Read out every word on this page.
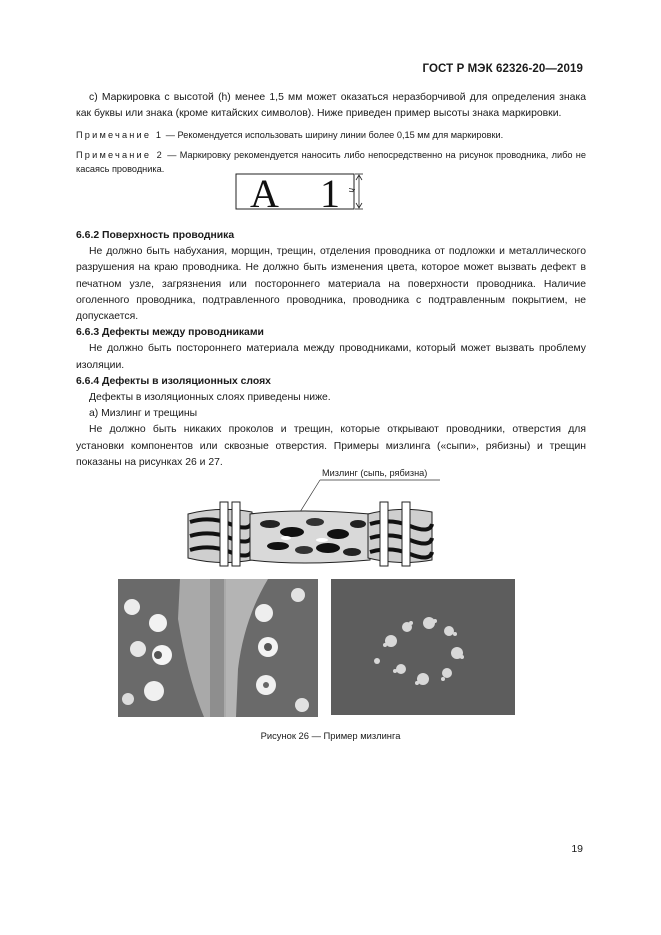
ГОСТ Р МЭК 62326-20—2019

c) Маркировка с высотой (h) менее 1,5 мм может оказаться неразборчивой для определения знака как буквы или знака (кроме китайских символов). Ниже приведен пример высоты знака маркировки.

Примечание 1 — Рекомендуется использовать ширину линии более 0,15 мм для маркировки.

Примечание 2 — Маркировку рекомендуется наносить либо непосредственно на рисунок проводника, либо не касаясь проводника.

A 1 h

6.6.2 Поверхность проводника

Не должно быть набухания, морщин, трещин, отделения проводника от подложки и металлического разрушения на краю проводника. Не должно быть изменения цвета, которое может вызвать дефект в печатном узле, загрязнения или постороннего материала на поверхности проводника. Наличие оголенного проводника, подтравленного проводника, проводника с подтравленным покрытием, не допускается.

6.6.3 Дефекты между проводниками

Не должно быть постороннего материала между проводниками, который может вызвать проблему изоляции.

6.6.4 Дефекты в изоляционных слоях

Дефекты в изоляционных слоях приведены ниже.

а) Мизлинг и трещины

Не должно быть никаких проколов и трещин, которые открывают проводники, отверстия для установки компонентов или сквозные отверстия. Примеры мизлинга («сыпи», рябизны) и трещин показаны на рисунках 26 и 27.

Мизлинг (сыпь, рябизна)
Рисунок 26 — Пример мизлинга
19
